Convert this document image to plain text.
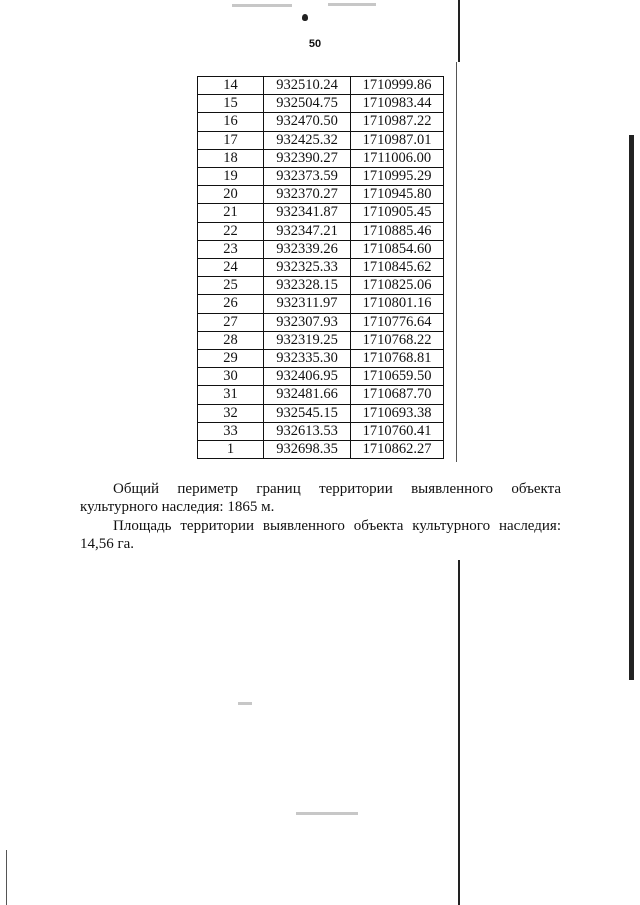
50
14	932510.24	1710999.86
15	932504.75	1710983.44
16	932470.50	1710987.22
17	932425.32	1710987.01
18	932390.27	1711006.00
19	932373.59	1710995.29
20	932370.27	1710945.80
21	932341.87	1710905.45
22	932347.21	1710885.46
23	932339.26	1710854.60
24	932325.33	1710845.62
25	932328.15	1710825.06
26	932311.97	1710801.16
27	932307.93	1710776.64
28	932319.25	1710768.22
29	932335.30	1710768.81
30	932406.95	1710659.50
31	932481.66	1710687.70
32	932545.15	1710693.38
33	932613.53	1710760.41
1	932698.35	1710862.27
Общий периметр границ территории выявленного объекта
культурного наследия: 1865 м.
Площадь территории выявленного объекта культурного наследия:
14,56 га.
